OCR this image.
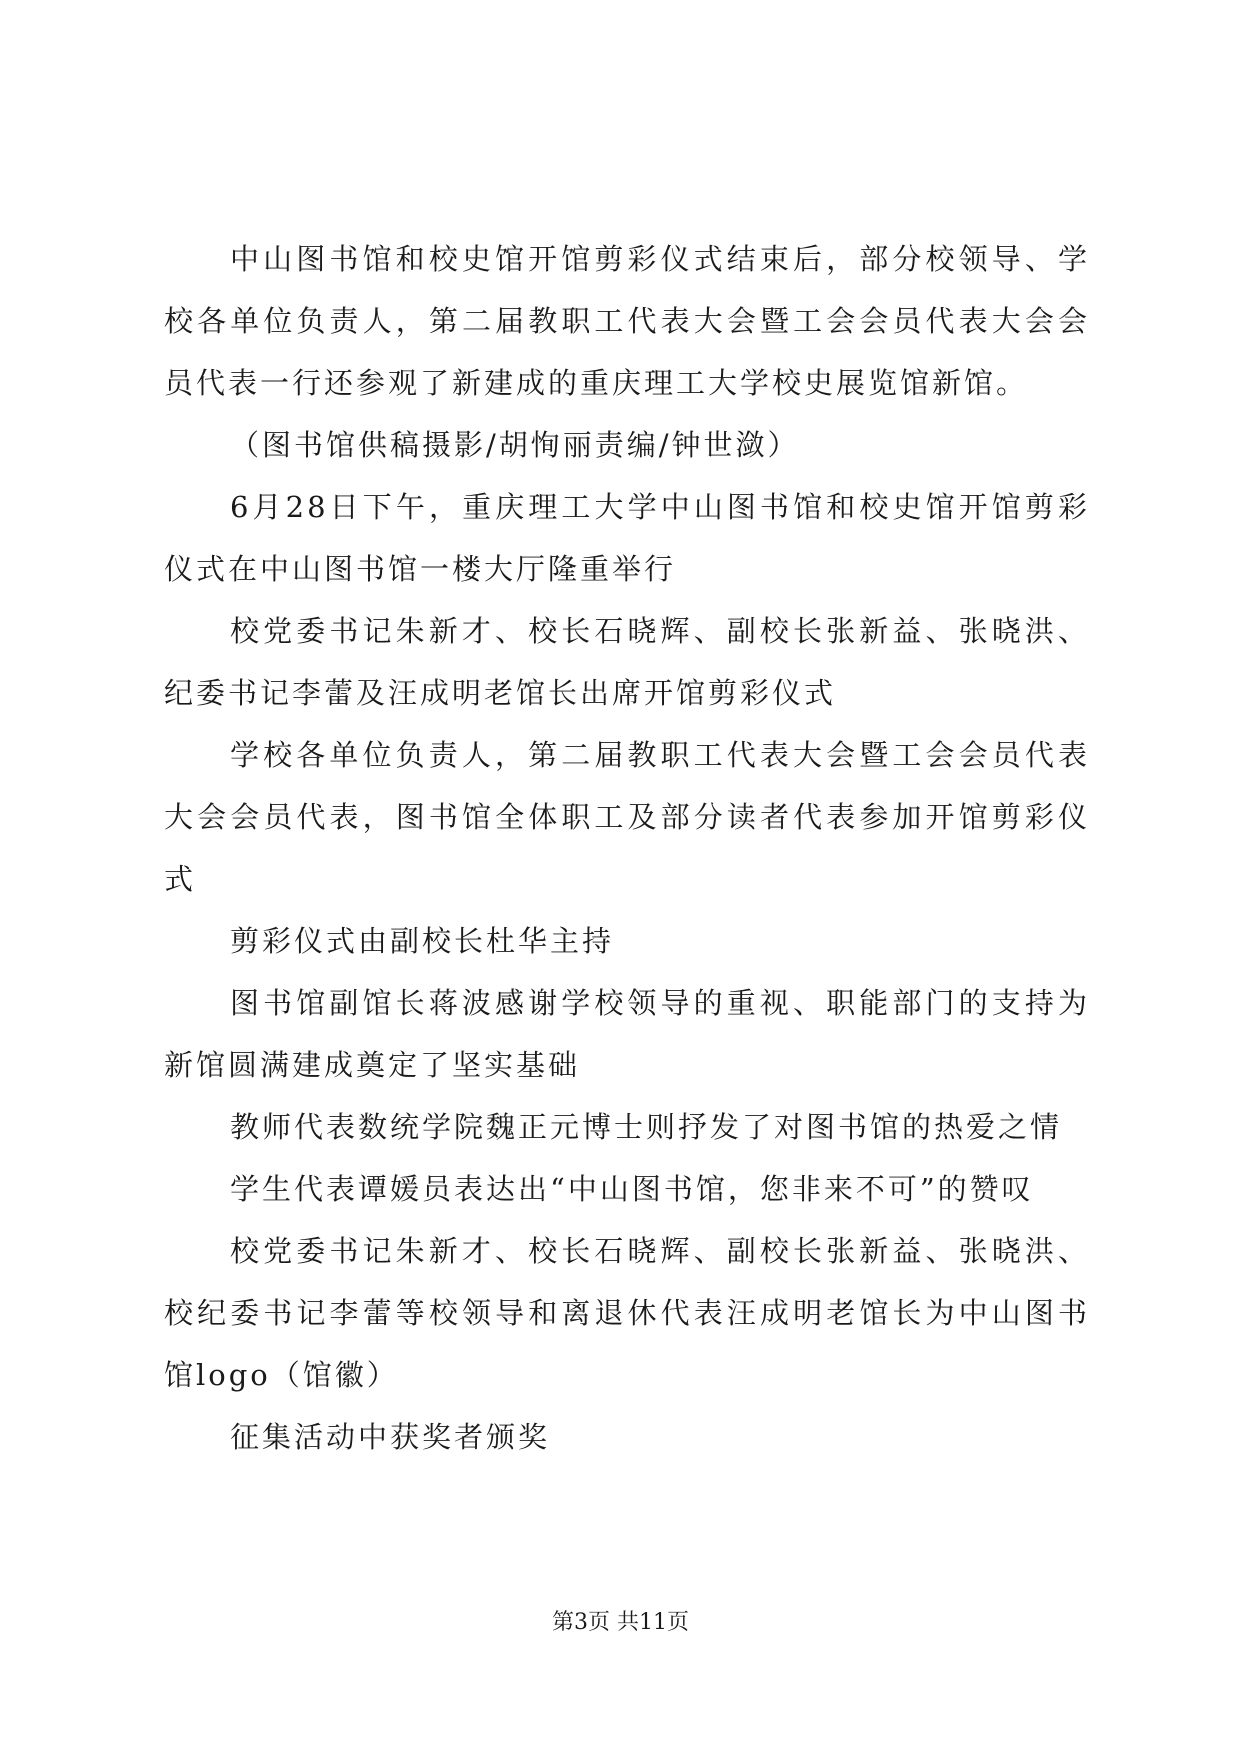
中山图书馆和校史馆开馆剪彩仪式结束后，部分校领导、学校各单位负责人，第二届教职工代表大会暨工会会员代表大会会员代表一行还参观了新建成的重庆理工大学校史展览馆新馆。

（图书馆供稿摄影/胡恂丽责编/钟世潋）

6月28日下午，重庆理工大学中山图书馆和校史馆开馆剪彩仪式在中山图书馆一楼大厅隆重举行

校党委书记朱新才、校长石晓辉、副校长张新益、张晓洪、纪委书记李蕾及汪成明老馆长出席开馆剪彩仪式

学校各单位负责人，第二届教职工代表大会暨工会会员代表大会会员代表，图书馆全体职工及部分读者代表参加开馆剪彩仪式

剪彩仪式由副校长杜华主持

图书馆副馆长蒋波感谢学校领导的重视、职能部门的支持为新馆圆满建成奠定了坚实基础

教师代表数统学院魏正元博士则抒发了对图书馆的热爱之情

学生代表谭媛员表达出“中山图书馆，您非来不可”的赞叹

校党委书记朱新才、校长石晓辉、副校长张新益、张晓洪、校纪委书记李蕾等校领导和离退休代表汪成明老馆长为中山图书馆logo（馆徽）

征集活动中获奖者颁奖

第3页 共11页
